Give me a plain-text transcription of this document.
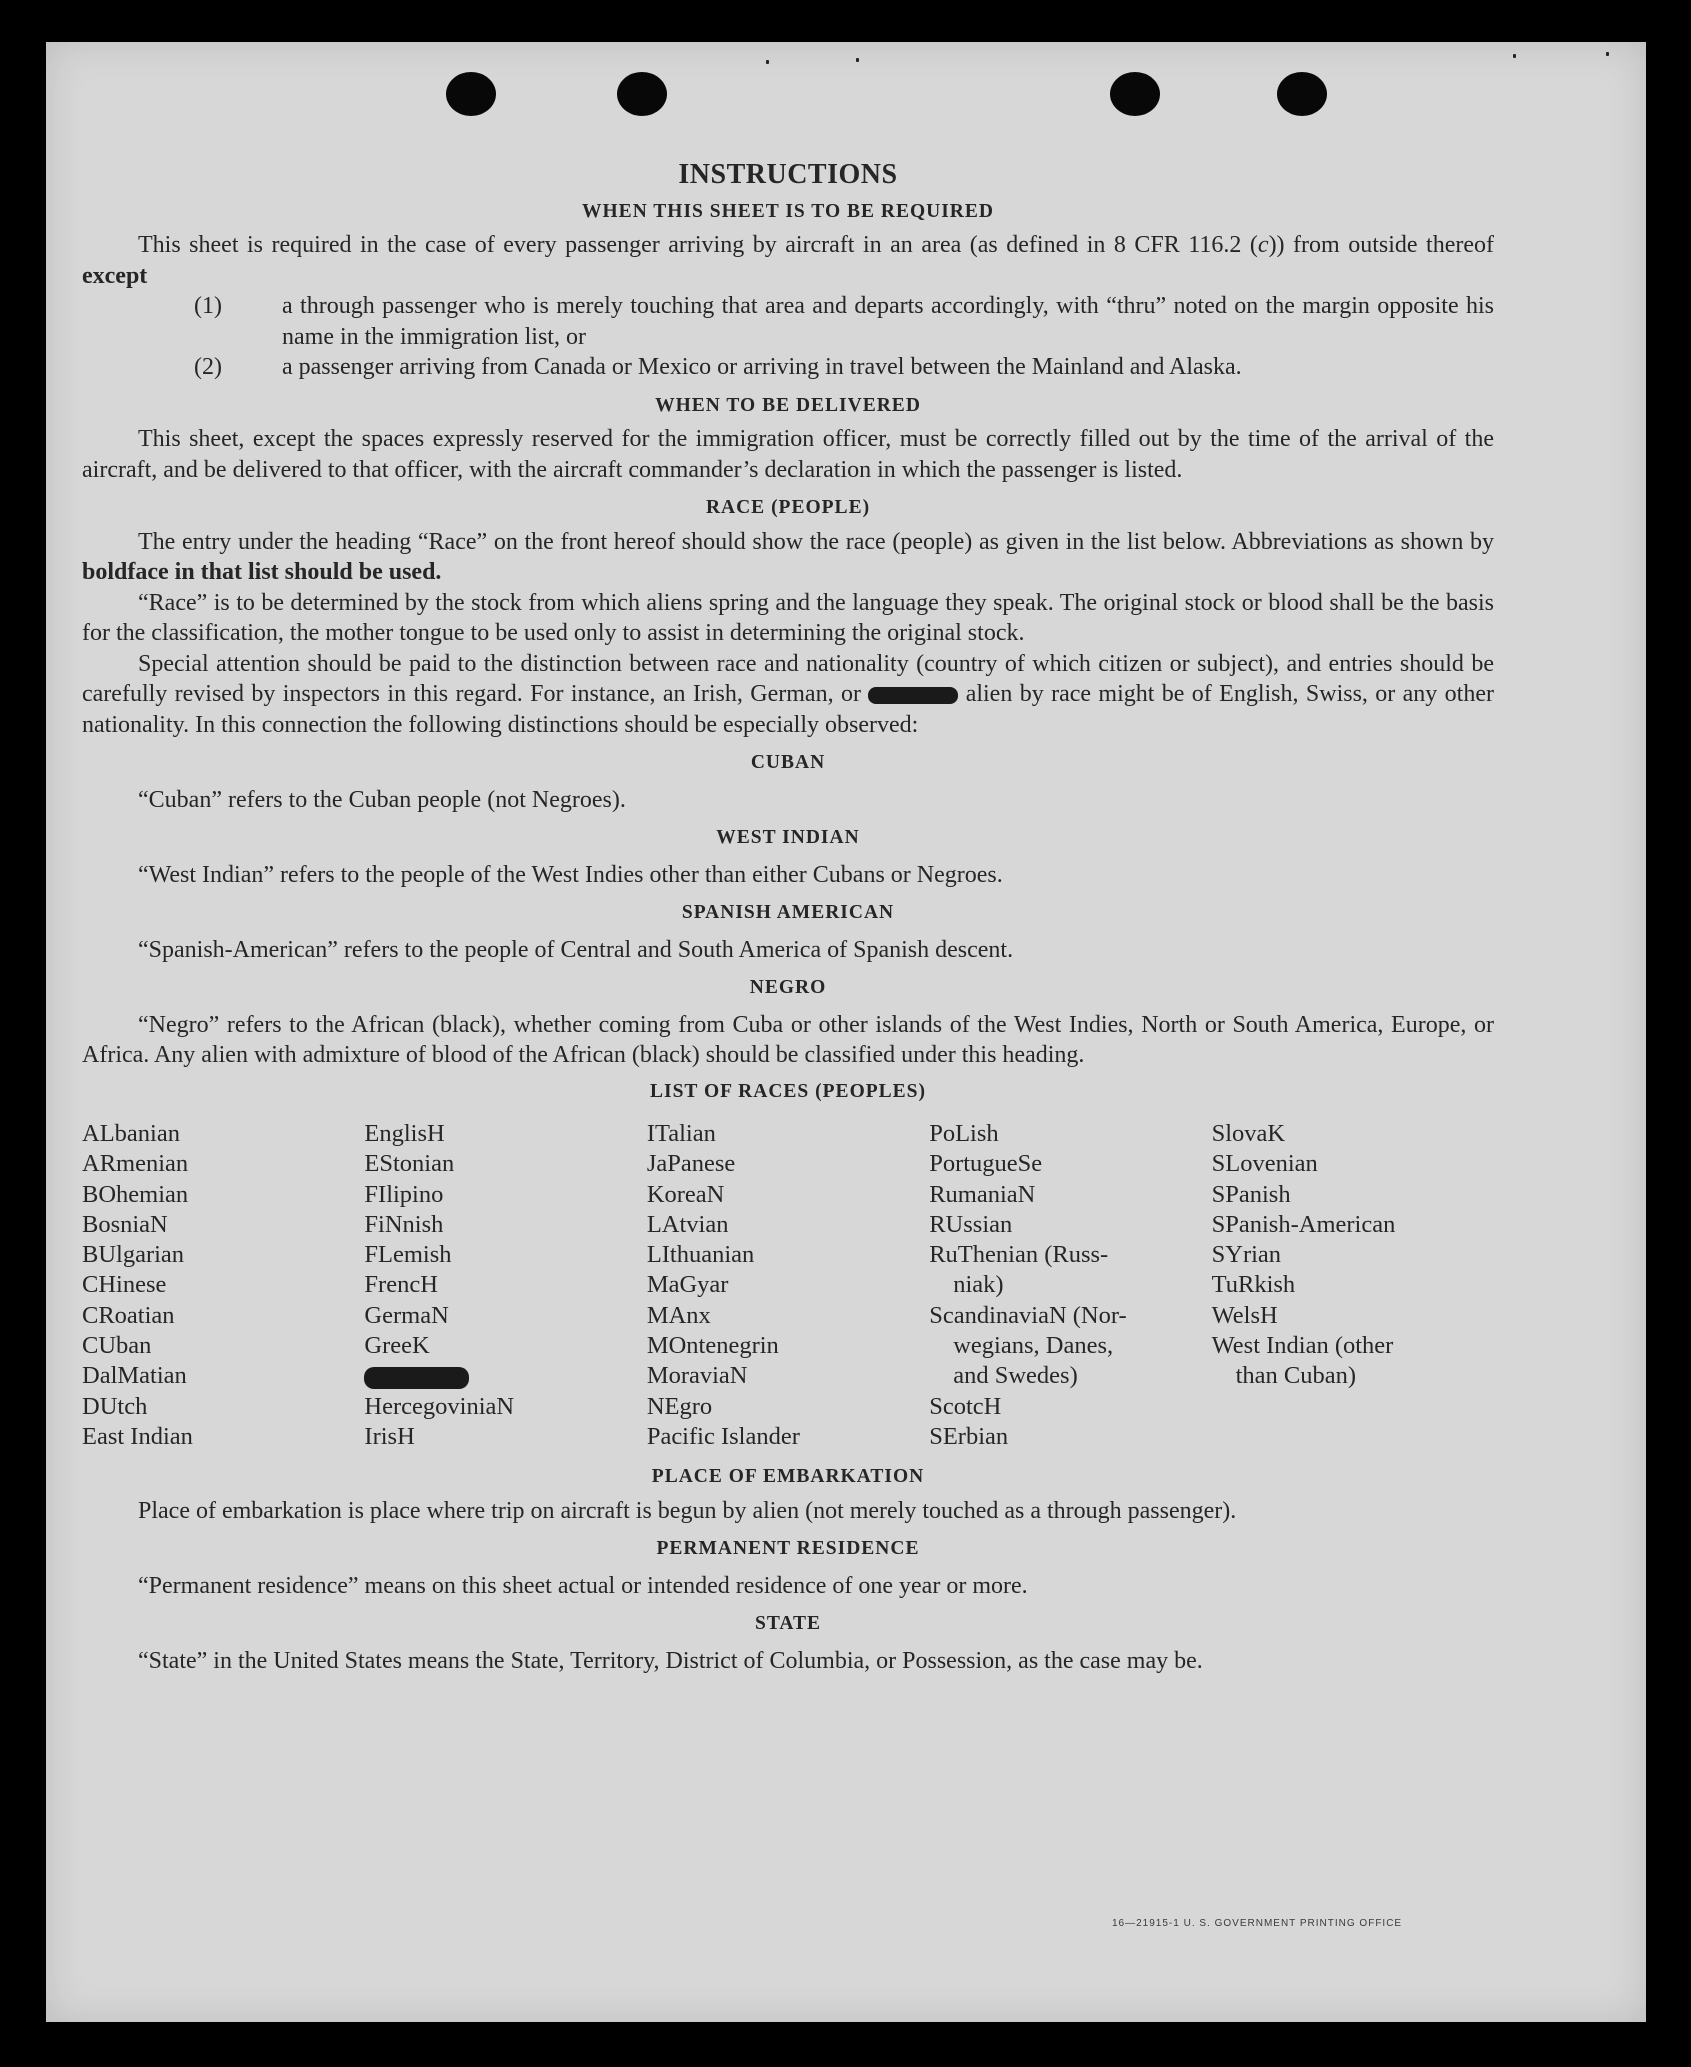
INSTRUCTIONS
WHEN THIS SHEET IS TO BE REQUIRED

This sheet is required in the case of every passenger arriving by aircraft in an area (as defined in 8 CFR 116.2 (c)) from outside thereof except

(1)	a through passenger who is merely touching that area and departs accordingly, with “thru” noted on the margin opposite his name in the immigration list, or

(2)	a passenger arriving from Canada or Mexico or arriving in travel between the Mainland and Alaska.

WHEN TO BE DELIVERED

This sheet, except the spaces expressly reserved for the immigration officer, must be correctly filled out by the time of the arrival of the aircraft, and be delivered to that officer, with the aircraft commander’s declaration in which the passenger is listed.

RACE (PEOPLE)

The entry under the heading “Race” on the front hereof should show the race (people) as given in the list below. Abbreviations as shown by boldface in that list should be used.

“Race” is to be determined by the stock from which aliens spring and the language they speak. The original stock or blood shall be the basis for the classification, the mother tongue to be used only to assist in determining the original stock.

Special attention should be paid to the distinction between race and nationality (country of which citizen or subject), and entries should be carefully revised by inspectors in this regard. For instance, an Irish, German, or	alien by race might be of English, Swiss, or any other nationality. In this connection the following distinctions should be especially observed:

CUBAN

“Cuban” refers to the Cuban people (not Negroes).

WEST INDIAN

“West Indian” refers to the people of the West Indies other than either Cubans or Negroes.

SPANISH AMERICAN

“Spanish-American” refers to the people of Central and South America of Spanish descent.

NEGRO

“Negro” refers to the African (black), whether coming from Cuba or other islands of the West Indies, North or South America, Europe, or Africa. Any alien with admixture of blood of the African (black) should be classified under this heading.

LIST OF RACES (PEOPLES)
ALbanian
ARmenian
BOhemian
BosniaN
BUlgarian
CHinese
CRoatian
CUban
DalMatian
DUtch
East Indian
EnglisH
EStonian
FIlipino
FiNnish
FLemish
FrencH
GermaN
GreeK
HercegoviniaN
IrisH
ITalian
JaPanese
KoreaN
LAtvian
LIthuanian
MaGyar
MAnx
MOntenegrin
MoraviaN
NEgro
Pacific Islander
PoLish
PortugueSe
RumaniaN
RUssian
RuThenian (Russ-
niak)
ScandinaviaN (Nor-
wegians, Danes,
and Swedes)
ScotcH
SErbian
SlovaK
SLovenian
SPanish
SPanish-American
SYrian
TuRkish
WelsH
West Indian (other
than Cuban)
PLACE OF EMBARKATION

Place of embarkation is place where trip on aircraft is begun by alien (not merely touched as a through passenger).

PERMANENT RESIDENCE

“Permanent residence” means on this sheet actual or intended residence of one year or more.

STATE

“State” in the United States means the State, Territory, District of Columbia, or Possession, as the case may be.

16—21915-1 U. S. GOVERNMENT PRINTING OFFICE
